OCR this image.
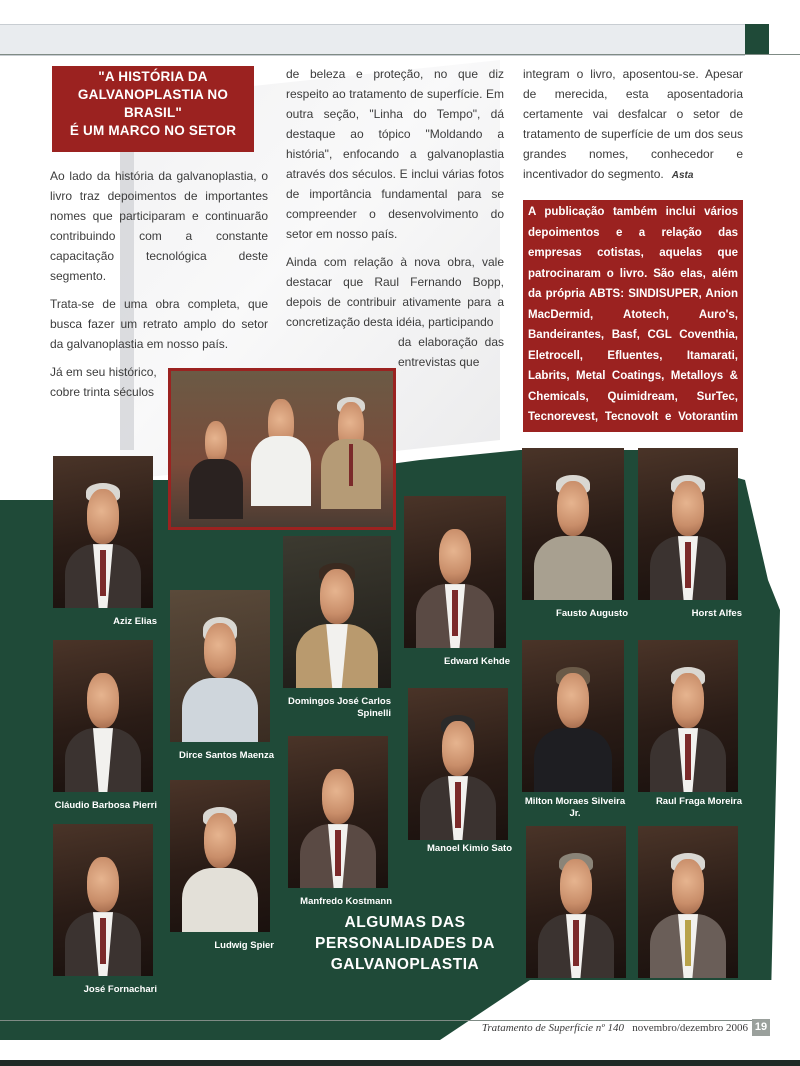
"A HISTÓRIA DA
GALVANOPLASTIA NO
BRASIL"
É UM MARCO NO SETOR

Ao lado da história da galvanoplastia, o livro traz depoimentos de importantes nomes que participaram e continuarão contribuindo com a constante capacitação tecnológica deste segmento.

Trata-se de uma obra completa, que busca fazer um retrato amplo do setor da galvanoplastia em nosso país.

Já em seu histórico, cobre trinta séculos

de beleza e proteção, no que diz respeito ao tratamento de superfície. Em outra seção, "Linha do Tempo", dá destaque ao tópico "Moldando a história", enfocando a galvanoplastia através dos séculos. E inclui várias fotos de importância fundamental para se compreender o desenvolvimento do setor em nosso país.

Ainda com relação à nova obra, vale destacar que Raul Fernando Bopp, depois de contribuir ativamente para a concretização desta idéia, participando

da elaboração das entrevistas que

integram o livro, aposentou-se. Apesar de merecida, esta aposentadoria certamente vai desfalcar o setor de tratamento de superfície de um dos seus grandes nomes, conhecedor e incentivador do segmento. Asta

A publicação também inclui vários depoimentos e a relação das empresas cotistas, aquelas que patrocinaram o livro. São elas, além da própria ABTS: SINDISUPER, Anion MacDermid, Atotech, Auro's, Bandeirantes, Basf, CGL Coventhia, Eletrocell, Efluentes, Itamarati, Labrits, Metal Coatings, Metalloys & Chemicals, Quimidream, SurTec, Tecnorevest, Tecnovolt e Votorantim Metais | Níquel.
Aziz Elias
Dirce Santos Maenza
Cláudio Barbosa Pierri
José Fornachari
Ludwig Spier
Domingos José Carlos Spinelli
Manfredo Kostmann
Edward Kehde
Manoel Kimio Sato
Fausto Augusto	Horst Alfes
Milton Moraes Silveira Jr.
Raul Fraga Moreira
Rolf Ett	Volkmar Ett
ALGUMAS DAS
PERSONALIDADES DA
GALVANOPLASTIA
Tratamento de Superfície nº 140 novembro/dezembro 2006 19
